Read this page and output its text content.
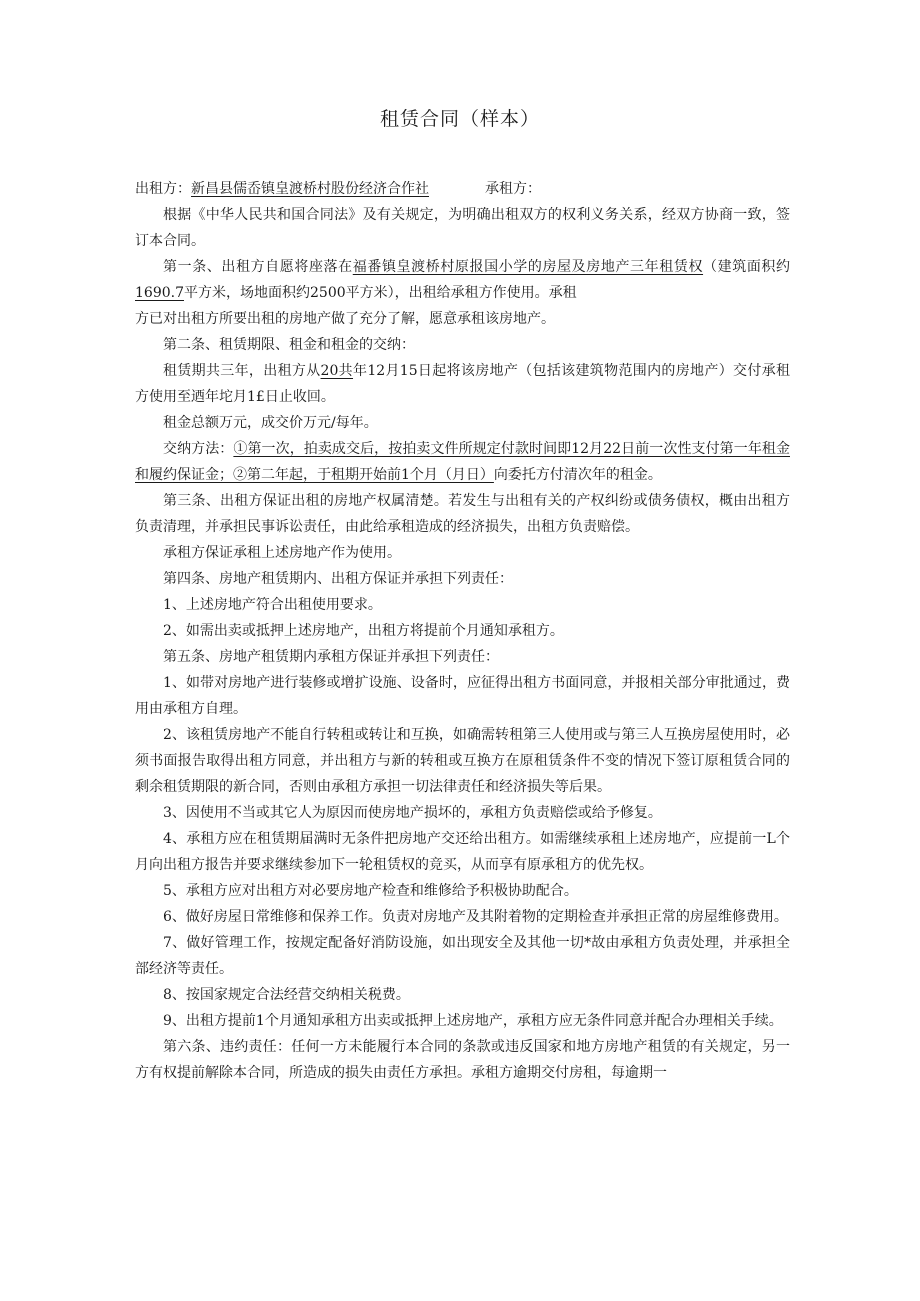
租赁合同（样本）

出租方：新昌县儒岙镇皇渡桥村股份经济合作社	承租方：

根据《中华人民共和国合同法》及有关规定，为明确出租双方的权利义务关系，经双方协商一致，签订本合同。

第一条、出租方自愿将座落在福番镇皇渡桥村原报国小学的房屋及房地产三年租赁权（建筑面积约1690.7平方米，场地面积约2500平方米），出租给承租方作使用。承租

方已对出租方所要出租的房地产做了充分了解，愿意承租该房地产。

第二条、租赁期限、租金和租金的交纳：

租赁期共三年，出租方从20共年12月15日起将该房地产（包括该建筑物范围内的房地产）交付承租方使用至迺年坨月1£日止收回。

租金总额万元，成交价万元/每年。

交纳方法：①第一次，拍卖成交后，按拍卖文件所规定付款时间即12月22日前一次性支付第一年租金和履约保证金；②第二年起，于租期开始前1个月（月日）向委托方付清次年的租金。

第三条、出租方保证出租的房地产权属清楚。若发生与出租有关的产权纠纷或债务债权，概由出租方负责清理，并承担民事诉讼责任，由此给承租造成的经济损失，出租方负责赔偿。

承租方保证承租上述房地产作为使用。

第四条、房地产租赁期内、出租方保证并承担下列责任：

1、上述房地产符合出租使用要求。

2、如需出卖或抵押上述房地产，出租方将提前个月通知承租方。

第五条、房地产租赁期内承租方保证并承担下列责任：

1、如带对房地产进行装修或增扩设施、设备时，应征得出租方书面同意，并报相关部分审批通过，费用由承租方自理。

2、该租赁房地产不能自行转租或转让和互换，如确需转租第三人使用或与第三人互换房屋使用时，必须书面报告取得出租方同意，并出租方与新的转租或互换方在原租赁条件不变的情况下签订原租赁合同的剩余租赁期限的新合同，否则由承租方承担一切法律责任和经济损失等后果。

3、因使用不当或其它人为原因而使房地产损坏的，承租方负责赔偿或给予修复。

4、承租方应在租赁期届满时无条件把房地产交还给出租方。如需继续承租上述房地产，应提前一L个月向出租方报告并要求继续参加下一轮租赁权的竞买，从而享有原承租方的优先权。

5、承租方应对出租方对必要房地产检查和维修给予积极协助配合。

6、做好房屋日常维修和保养工作。负责对房地产及其附着物的定期检查并承担正常的房屋维修费用。

7、做好管理工作，按规定配备好消防设施，如出现安全及其他一切*故由承租方负责处理，并承担全部经济等责任。

8、按国家规定合法经营交纳相关税费。

9、出租方提前1个月通知承租方出卖或抵押上述房地产，承租方应无条件同意并配合办理相关手续。

第六条、违约责任：任何一方未能履行本合同的条款或违反国家和地方房地产租赁的有关规定，另一方有权提前解除本合同，所造成的损失由责任方承担。承租方逾期交付房租，每逾期一
